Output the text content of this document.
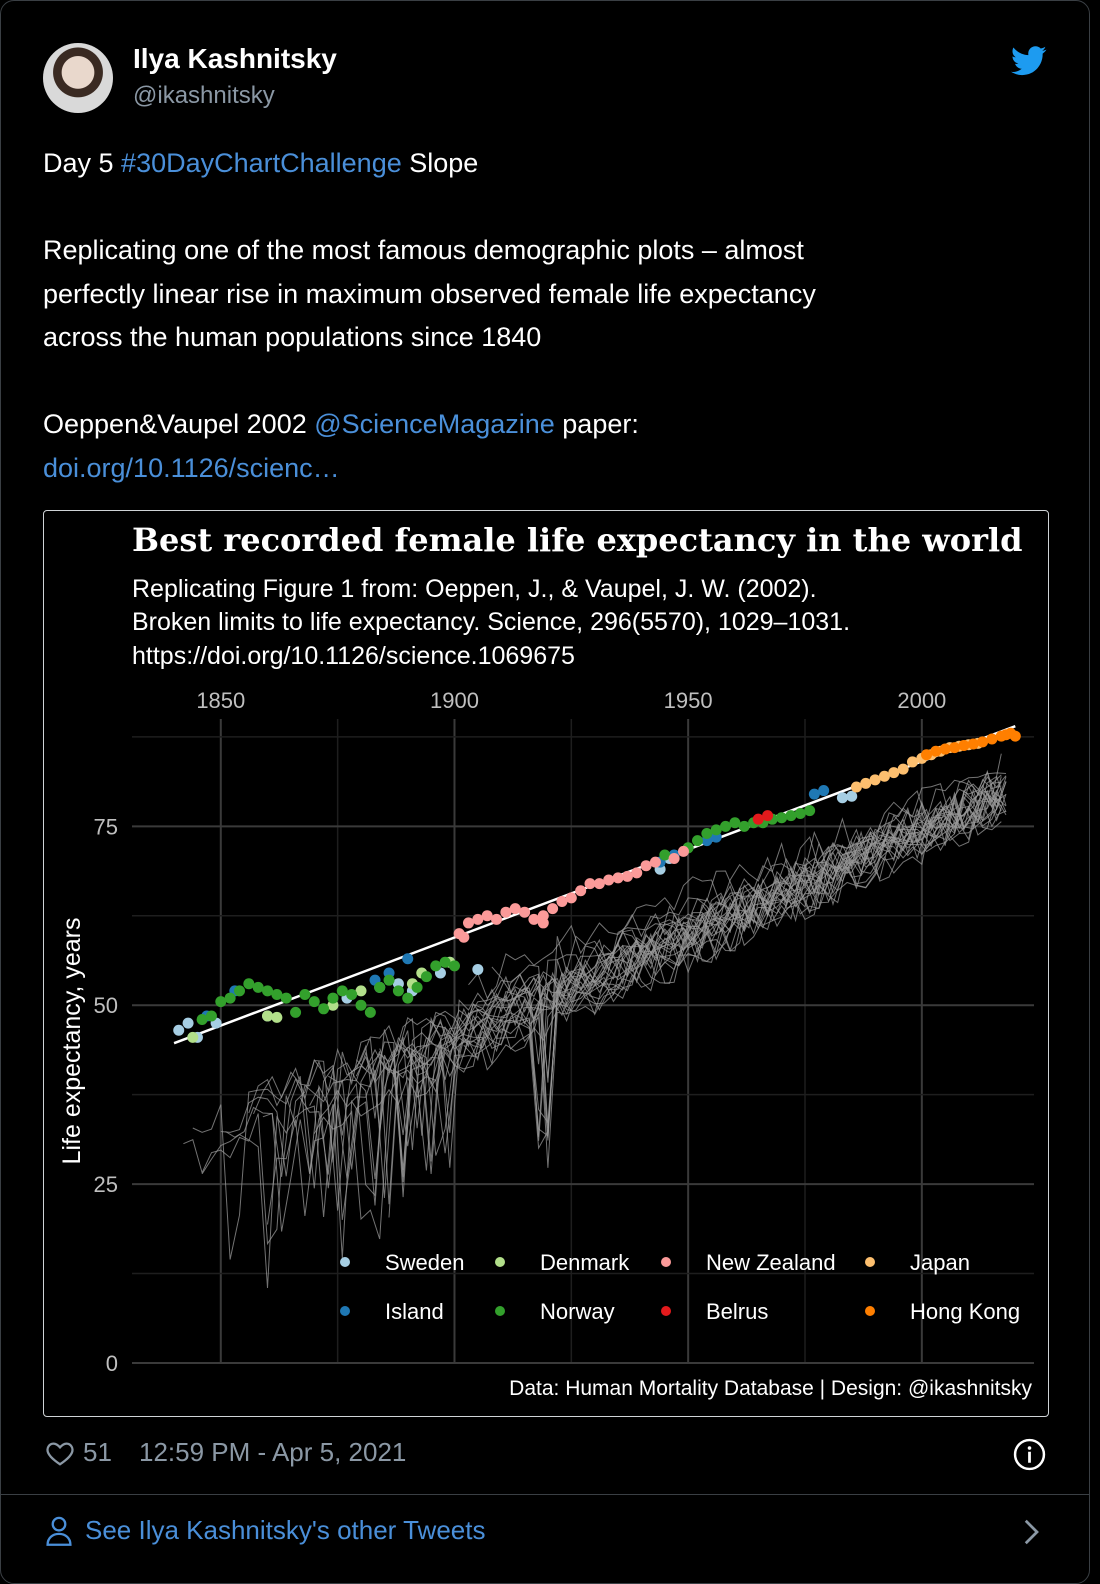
Ilya Kashnitsky
@ikashnitsky
Day 5 #30DayChartChallenge Slope
Replicating one of the most famous demographic plots – almost
perfectly linear rise in maximum observed female life expectancy
across the human populations since 1840
Oeppen&Vaupel 2002 @ScienceMagazine paper:
doi.org/10.1126/scienc…
Best recorded female life expectancy in the world
Replicating Figure 1 from: Oeppen, J., & Vaupel, J. W. (2002).
Broken limits to life expectancy. Science, 296(5570), 1029–1031.
https://doi.org/10.1126/science.1069675
1850	1900	1950	2000
0
25
50
75
Life expectancy, years
Sweden
Island
Denmark
Norway
New Zealand
Belrus
Japan
Hong Kong
Data: Human Mortality Database | Design: @ikashnitsky
51 12:59 PM - Apr 5, 2021
See Ilya Kashnitsky's other Tweets
